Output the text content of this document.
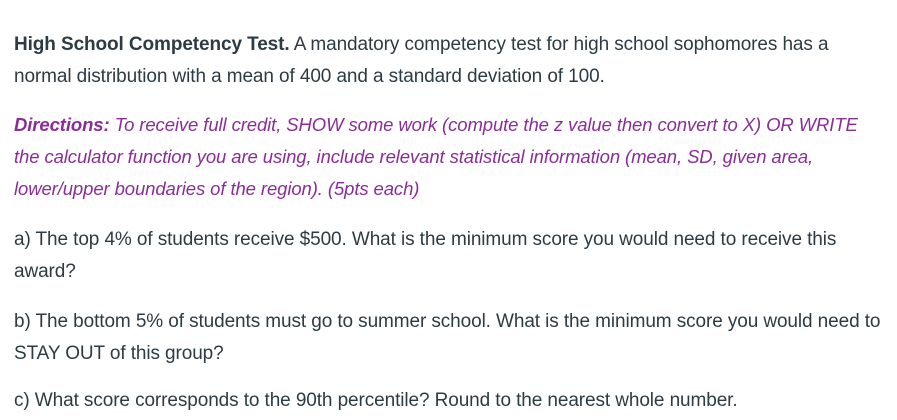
High School Competency Test. A mandatory competency test for high school sophomores has a normal distribution with a mean of 400 and a standard deviation of 100.

Directions: To receive full credit, SHOW some work (compute the z value then convert to X) OR WRITE the calculator function you are using, include relevant statistical information (mean, SD, given area, lower/upper boundaries of the region). (5pts each)

a) The top 4% of students receive $500. What is the minimum score you would need to receive this award?

b) The bottom 5% of students must go to summer school. What is the minimum score you would need to STAY OUT of this group?

c) What score corresponds to the 90th percentile? Round to the nearest whole number.
